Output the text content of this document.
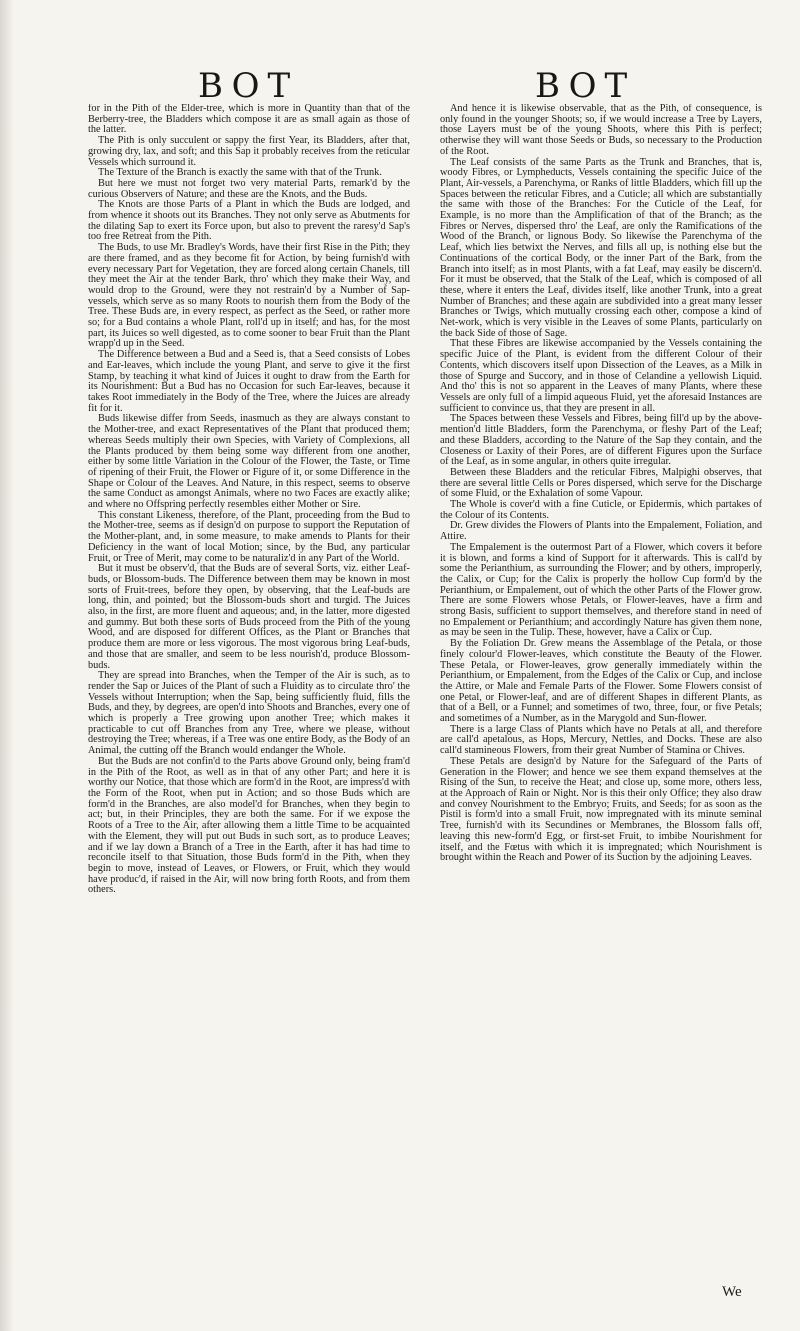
BOT	BOT

for in the Pith of the Elder-tree, which is more in Quantity than that of the Berberry-tree, the Bladders which compose it are as small again as those of the latter.

The Pith is only succulent or sappy the first Year, its Bladders, after that, growing dry, lax, and soft; and this Sap it probably receives from the reticular Vessels which surround it.

The Texture of the Branch is exactly the same with that of the Trunk.

But here we must not forget two very material Parts, remark'd by the curious Observers of Nature; and these are the Knots, and the Buds.

The Knots are those Parts of a Plant in which the Buds are lodged, and from whence it shoots out its Branches. They not only serve as Abutments for the dilating Sap to exert its Force upon, but also to prevent the raresy'd Sap's too free Retreat from the Pith.

The Buds, to use Mr. Bradley's Words, have their first Rise in the Pith; they are there framed, and as they become fit for Action, by being furnish'd with every necessary Part for Vegetation, they are forced along certain Chanels, till they meet the Air at the tender Bark, thro' which they make their Way, and would drop to the Ground, were they not restrain'd by a Number of Sap-vessels, which serve as so many Roots to nourish them from the Body of the Tree. These Buds are, in every respect, as perfect as the Seed, or rather more so; for a Bud contains a whole Plant, roll'd up in itself; and has, for the most part, its Juices so well digested, as to come sooner to bear Fruit than the Plant wrapp'd up in the Seed.

The Difference between a Bud and a Seed is, that a Seed consists of Lobes and Ear-leaves, which include the young Plant, and serve to give it the first Stamp, by teaching it what kind of Juices it ought to draw from the Earth for its Nourishment: But a Bud has no Occasion for such Ear-leaves, because it takes Root immediately in the Body of the Tree, where the Juices are already fit for it.

Buds likewise differ from Seeds, inasmuch as they are always constant to the Mother-tree, and exact Representatives of the Plant that produced them; whereas Seeds multiply their own Species, with Variety of Complexions, all the Plants produced by them being some way different from one another, either by some little Variation in the Colour of the Flower, the Taste, or Time of ripening of their Fruit, the Flower or Figure of it, or some Difference in the Shape or Colour of the Leaves. And Nature, in this respect, seems to observe the same Conduct as amongst Animals, where no two Faces are exactly alike; and where no Offspring perfectly resembles either Mother or Sire.

This constant Likeness, therefore, of the Plant, proceeding from the Bud to the Mother-tree, seems as if design'd on purpose to support the Reputation of the Mother-plant, and, in some measure, to make amends to Plants for their Deficiency in the want of local Motion; since, by the Bud, any particular Fruit, or Tree of Merit, may come to be naturaliz'd in any Part of the World.

But it must be observ'd, that the Buds are of several Sorts, viz. either Leaf-buds, or Blossom-buds. The Difference between them may be known in most sorts of Fruit-trees, before they open, by observing, that the Leaf-buds are long, thin, and pointed; but the Blossom-buds short and turgid. The Juices also, in the first, are more fluent and aqueous; and, in the latter, more digested and gummy. But both these sorts of Buds proceed from the Pith of the young Wood, and are disposed for different Offices, as the Plant or Branches that produce them are more or less vigorous. The most vigorous bring Leaf-buds, and those that are smaller, and seem to be less nourish'd, produce Blossom-buds.

They are spread into Branches, when the Temper of the Air is such, as to render the Sap or Juices of the Plant of such a Fluidity as to circulate thro' the Vessels without Interruption; when the Sap, being sufficiently fluid, fills the Buds, and they, by degrees, are open'd into Shoots and Branches, every one of which is properly a Tree growing upon another Tree; which makes it practicable to cut off Branches from any Tree, where we please, without destroying the Tree; whereas, if a Tree was one entire Body, as the Body of an Animal, the cutting off the Branch would endanger the Whole.

But the Buds are not confin'd to the Parts above Ground only, being fram'd in the Pith of the Root, as well as in that of any other Part; and here it is worthy our Notice, that those which are form'd in the Root, are impress'd with the Form of the Root, when put in Action; and so those Buds which are form'd in the Branches, are also model'd for Branches, when they begin to act; but, in their Principles, they are both the same. For if we expose the Roots of a Tree to the Air, after allowing them a little Time to be acquainted with the Element, they will put out Buds in such sort, as to produce Leaves; and if we lay down a Branch of a Tree in the Earth, after it has had time to reconcile itself to that Situation, those Buds form'd in the Pith, when they begin to move, instead of Leaves, or Flowers, or Fruit, which they would have produc'd, if raised in the Air, will now bring forth Roots, and from them others.

And hence it is likewise observable, that as the Pith, of consequence, is only found in the younger Shoots; so, if we would increase a Tree by Layers, those Layers must be of the young Shoots, where this Pith is perfect; otherwise they will want those Seeds or Buds, so necessary to the Production of the Root.

The Leaf consists of the same Parts as the Trunk and Branches, that is, woody Fibres, or Lympheducts, Vessels containing the specific Juice of the Plant, Air-vessels, a Parenchyma, or Ranks of little Bladders, which fill up the Spaces between the reticular Fibres, and a Cuticle; all which are substantially the same with those of the Branches: For the Cuticle of the Leaf, for Example, is no more than the Amplification of that of the Branch; as the Fibres or Nerves, dispersed thro' the Leaf, are only the Ramifications of the Wood of the Branch, or lignous Body. So likewise the Parenchyma of the Leaf, which lies betwixt the Nerves, and fills all up, is nothing else but the Continuations of the cortical Body, or the inner Part of the Bark, from the Branch into itself; as in most Plants, with a fat Leaf, may easily be discern'd. For it must be observed, that the Stalk of the Leaf, which is composed of all these, where it enters the Leaf, divides itself, like another Trunk, into a great Number of Branches; and these again are subdivided into a great many lesser Branches or Twigs, which mutually crossing each other, compose a kind of Net-work, which is very visible in the Leaves of some Plants, particularly on the back Side of those of Sage.

That these Fibres are likewise accompanied by the Vessels containing the specific Juice of the Plant, is evident from the different Colour of their Contents, which discovers itself upon Dissection of the Leaves, as a Milk in those of Spurge and Succory, and in those of Celandine a yellowish Liquid. And tho' this is not so apparent in the Leaves of many Plants, where these Vessels are only full of a limpid aqueous Fluid, yet the aforesaid Instances are sufficient to convince us, that they are present in all.

The Spaces between these Vessels and Fibres, being fill'd up by the above-mention'd little Bladders, form the Parenchyma, or fleshy Part of the Leaf; and these Bladders, according to the Nature of the Sap they contain, and the Closeness or Laxity of their Pores, are of different Figures upon the Surface of the Leaf, as in some angular, in others quite irregular.

Between these Bladders and the reticular Fibres, Malpighi observes, that there are several little Cells or Pores dispersed, which serve for the Discharge of some Fluid, or the Exhalation of some Vapour.

The Whole is cover'd with a fine Cuticle, or Epidermis, which partakes of the Colour of its Contents.

Dr. Grew divides the Flowers of Plants into the Empalement, Foliation, and Attire.

The Empalement is the outermost Part of a Flower, which covers it before it is blown, and forms a kind of Support for it afterwards. This is call'd by some the Perianthium, as surrounding the Flower; and by others, improperly, the Calix, or Cup; for the Calix is properly the hollow Cup form'd by the Perianthium, or Empalement, out of which the other Parts of the Flower grow. There are some Flowers whose Petals, or Flower-leaves, have a firm and strong Basis, sufficient to support themselves, and therefore stand in need of no Empalement or Perianthium; and accordingly Nature has given them none, as may be seen in the Tulip. These, however, have a Calix or Cup.

By the Foliation Dr. Grew means the Assemblage of the Petala, or those finely colour'd Flower-leaves, which constitute the Beauty of the Flower. These Petala, or Flower-leaves, grow generally immediately within the Perianthium, or Empalement, from the Edges of the Calix or Cup, and inclose the Attire, or Male and Female Parts of the Flower. Some Flowers consist of one Petal, or Flower-leaf, and are of different Shapes in different Plants, as that of a Bell, or a Funnel; and sometimes of two, three, four, or five Petals; and sometimes of a Number, as in the Marygold and Sun-flower.

There is a large Class of Plants which have no Petals at all, and therefore are call'd apetalous, as Hops, Mercury, Nettles, and Docks. These are also call'd stamineous Flowers, from their great Number of Stamina or Chives.

These Petals are design'd by Nature for the Safeguard of the Parts of Generation in the Flower; and hence we see them expand themselves at the Rising of the Sun, to receive the Heat; and close up, some more, others less, at the Approach of Rain or Night. Nor is this their only Office; they also draw and convey Nourishment to the Embryo; Fruits, and Seeds; for as soon as the Pistil is form'd into a small Fruit, now impregnated with its minute seminal Tree, furnish'd with its Secundines or Membranes, the Blossom falls off, leaving this new-form'd Egg, or first-set Fruit, to imbibe Nourishment for itself, and the Fœtus with which it is impregnated; which Nourishment is brought within the Reach and Power of its Suction by the adjoining Leaves.

We
